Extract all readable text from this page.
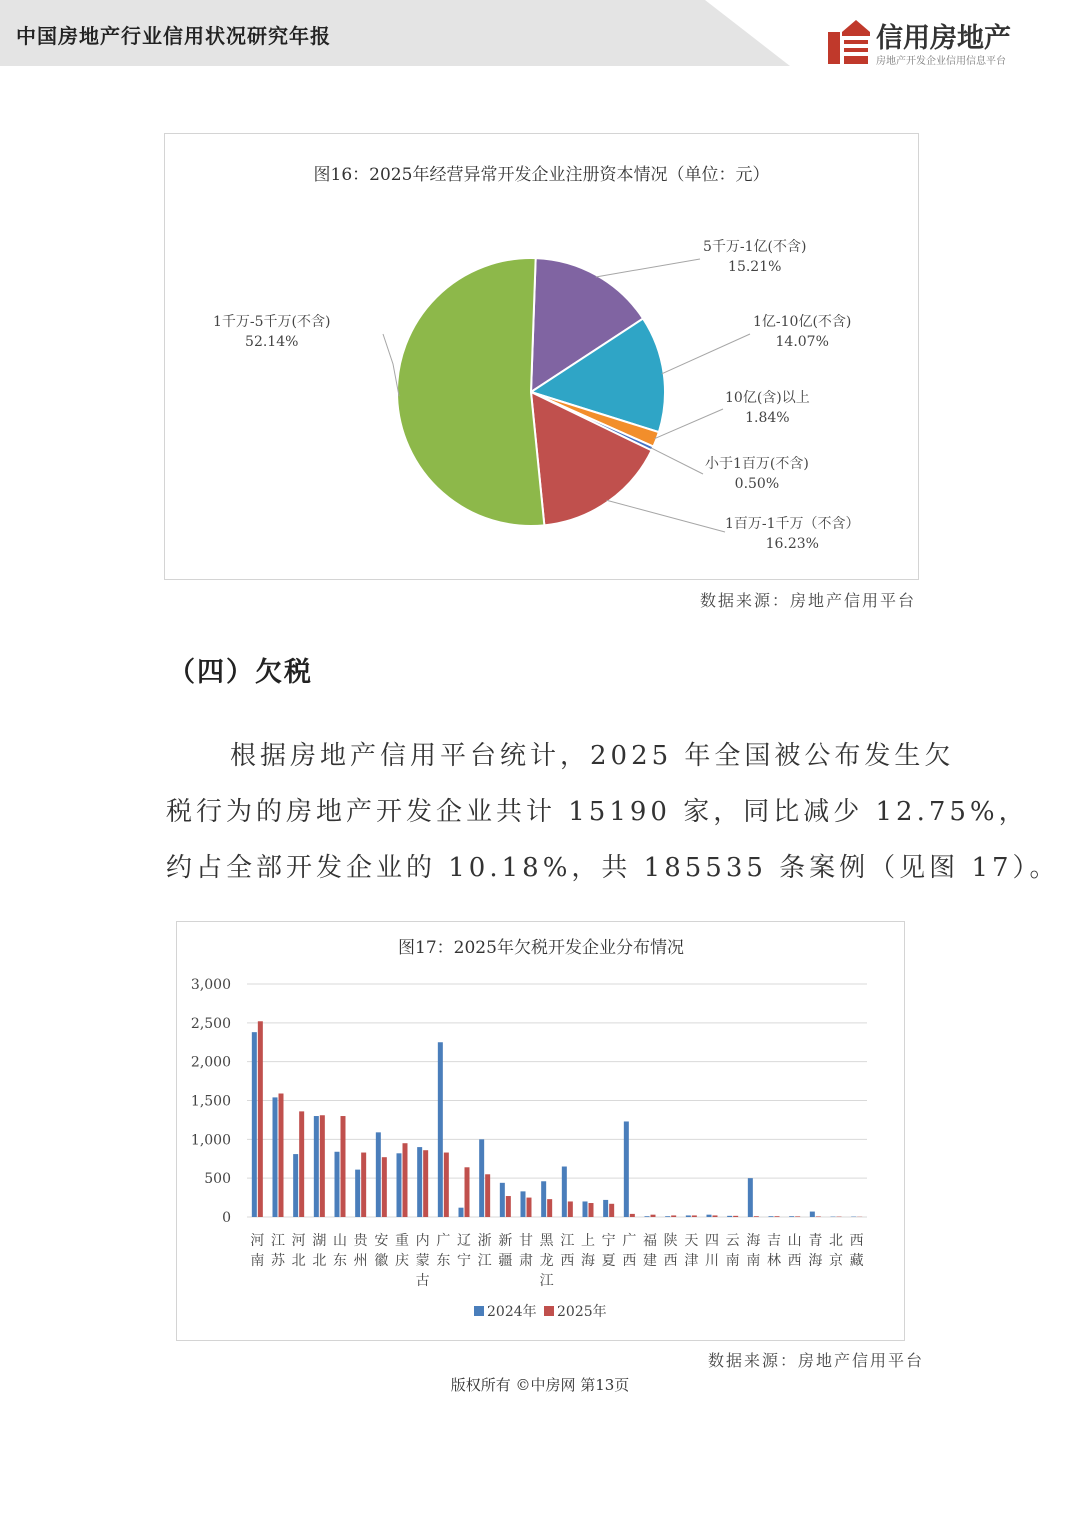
中国房地产行业信用状况研究年报	信用房地产
房地产开发企业信用信息平台
图16：2025年经营异常开发企业注册资本情况（单位：元）
1千万-5千万(不含)
52.14%
5千万-1亿(不含)
15.21%
1亿-10亿(不含)
14.07%
10亿(含)以上
1.84%
小于1百万(不含)
0.50%
1百万-1千万（不含）
16.23%
数据来源：房地产信用平台
（四）欠税
根据房地产信用平台统计，2025 年全国被公布发生欠
税行为的房地产开发企业共计 15190 家，同比减少 12.75%，
约占全部开发企业的 10.18%，共 185535 条案例（见图 17）。
图17：2025年欠税开发企业分布情况
0
500
1,000
1,500
2,000
2,500
3,000
河
南
江
苏
河
北
湖
北
山
东
贵
州
安
徽
重
庆
内
蒙
古
广
东
辽
宁
浙
江
新
疆
甘
肃
黑
龙
江
江
西
上
海
宁
夏
广
西
福
建
陕
西
天
津
四
川
云
南
海
南
吉
林
山
西
青
海
北
京
西
藏
2024年 2025年
数据来源：房地产信用平台
版权所有 ©中房网 第13页
